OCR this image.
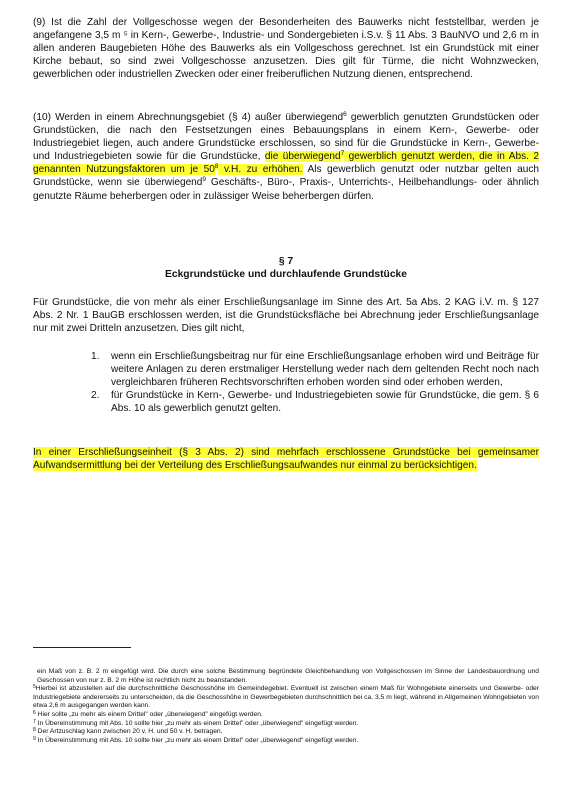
(9) Ist die Zahl der Vollgeschosse wegen der Besonderheiten des Bauwerks nicht feststellbar, werden je angefangene 3,5 m ⁵ in Kern-, Gewerbe-, Industrie- und Sondergebieten i.S.v. § 11 Abs. 3 BauNVO und 2,6 m in allen anderen Baugebieten Höhe des Bauwerks als ein Vollgeschoss gerechnet. Ist ein Grundstück mit einer Kirche bebaut, so sind zwei Vollgeschosse anzusetzen. Dies gilt für Türme, die nicht Wohnzwecken, gewerblichen oder industriellen Zwecken oder einer freiberuflichen Nutzung dienen, entsprechend.

(10) Werden in einem Abrechnungsgebiet (§ 4) außer überwiegend$^6$ gewerblich genutzten Grundstücken oder Grundstücken, die nach den Festsetzungen eines Bebauungsplans in einem Kern-, Gewerbe- oder Industriegebiet liegen, auch andere Grundstücke erschlossen, so sind für die Grundstücke in Kern-, Gewerbe- und Industriegebieten sowie für die Grundstücke, die überwiegend$^7$ gewerblich genutzt werden, die in Abs. 2 genannten Nutzungsfaktoren um je $50^8$ v.H. zu erhöhen. Als gewerblich genutzt oder nutzbar gelten auch Grundstücke, wenn sie überwiegend$^9$ Geschäfts-, Büro-, Praxis-, Unterrichts-, Heilbehandlungs- oder ähnlich genutzte Räume beherbergen oder in zulässiger Weise beherbergen dürfen.

§ 7

Eckgrundstücke und durchlaufende Grundstücke

Für Grundstücke, die von mehr als einer Erschließungsanlage im Sinne des Art. 5a Abs. 2 KAG i.V. m. § 127 Abs. 2 Nr. 1 BauGB erschlossen werden, ist die Grundstücksfläche bei Abrechnung jeder Erschließungsanlage nur mit zwei Dritteln anzusetzen. Dies gilt nicht,

1. wenn ein Erschließungsbeitrag nur für eine Erschließungsanlage erhoben wird und Beiträge für weitere Anlagen zu deren erstmaliger Herstellung weder nach dem geltenden Recht noch nach vergleichbaren früheren Rechtsvorschriften erhoben worden sind oder erhoben werden,
2. für Grundstücke in Kern-, Gewerbe- und Industriegebieten sowie für Grundstücke, die gem. § 6 Abs. 10 als gewerblich genutzt gelten.

In einer Erschließungseinheit (§ 3 Abs. 2) sind mehrfach erschlossene Grundstücke bei gemeinsamer Aufwandsermittlung bei der Verteilung des Erschließungsaufwandes nur einmal zu berücksichtigen.

ein Maß von z. B. 2 m eingefügt wird. Die durch eine solche Bestimmung begründete Gleichbehandlung von Vollgeschossen im Sinne der Landesbauordnung und Geschossen von nur z. B. 2 m Höhe ist rechtlich nicht zu beanstanden.

$^5$Hierbei ist abzustellen auf die durchschnittliche Geschosshöhe im Gemeindegebiet. Eventuell ist zwischen einem Maß für Wohngebiete einerseits und Gewerbe- oder Industriegebiete andererseits zu unterscheiden, da die Geschosshöhe in Gewerbegebieten durchschnittlich bei ca. 3,5 m liegt, während in Allgemeinen Wohngebieten von etwa 2,6 m ausgegangen werden kann.

$^6$ Hier sollte „zu mehr als einem Drittel" oder „überwiegend" eingefügt werden.

$^7$ In Übereinstimmung mit Abs. 10 sollte hier „zu mehr als einem Drittel" oder „überwiegend" eingefügt werden.

$^8$ Der Artzuschlag kann zwischen 20 v. H. und 50 v. H. betragen.

$^9$ In Übereinstimmung mit Abs. 10 sollte hier „zu mehr als einem Drittel" oder „überwiegend" eingefügt werden.
